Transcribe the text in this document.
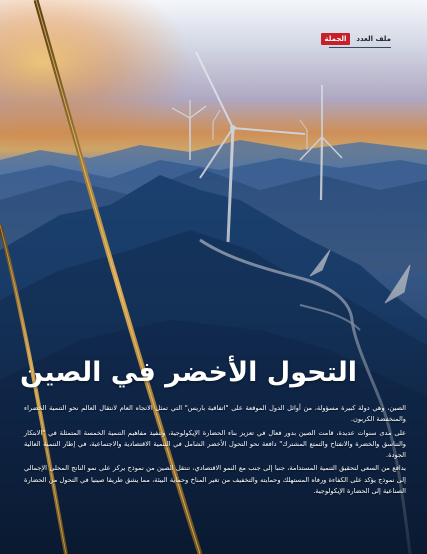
الجملة	ملف العدد
التحول الأخضر في الصين

الصين، وهي دولة كبيرة مسؤولة، من أوائل الدول الموقعة على "اتفاقية باريس" التي تمثل الاتجاه العام لانتقال العالم نحو التنمية الخضراء والمنخفضة الكربون.

على مدى سنوات عديدة، قامت الصين بدور فعال في تعزيز بناء الحضارة الإيكولوجية، وتنفيذ مفاهيم التنمية الخمسة المتمثلة في "الابتكار والتناسق والخضرة والانفتاح والتمتع المشترك" دافعة نحو التحول الأخضر الشامل في التنمية الاقتصادية والاجتماعية، في إطار التنمية العالية الجودة.

يدافع من السعي لتحقيق التنمية المستدامة، جنبا إلى جنب مع النمو الاقتصادي، تنتقل الصين من نموذج يركز على نمو الناتج المحلي الإجمالي إلى نموذج يؤكد على الكفاءة ورفاه المستهلك وحمايته والتخفيف من تغير المناخ وحماية البيئة، مما يشق طريقا صينيا في التحول من الحضارة الصناعية إلى الحضارة الإيكولوجية.
